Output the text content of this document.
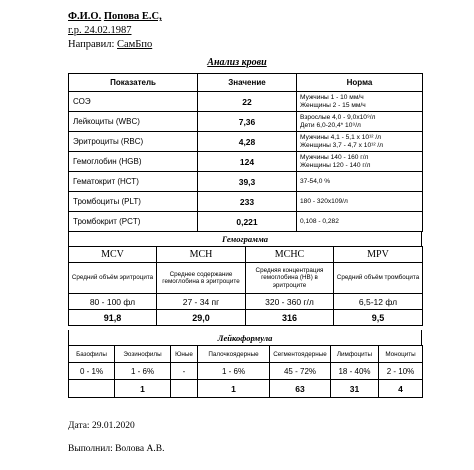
Ф.И.О. Попова Е.С,
г.р. 24.02.1987
Направил: СамБпо
Анализ крови
Показатель	Значение	Норма
СОЭ	22	Мужчины 1 - 10 мм/ч
Женщины 2 - 15 мм/ч

Лейкоциты (WBC)	7,36	Взрослые 4,0 - 9,0х10⁹/л
Дети 6,0-20,4* 10⁹/л

Эритроциты (RBC)	4,28	Мужчины 4,1 - 5,1 х 10¹² /л
Женщины 3,7 - 4,7 х 10¹² /л

Гемоглобин (HGB)	124	Мужчины 140 - 160 г/л
Женщины 120 - 140 г/л

Гематокрит (НСТ)	39,3	37-54,0 %
Тромбоциты (PLT)	233	180 - 320х109/л
Тромбокрит (PCT)	0,221	0,108 - 0,282
Гемограмма
MCV	MCH	MCHC	MPV
Средний объём эритроцита	Среднее содержание гемоглобина в эритроците	Средняя концентрация гемоглобина (НВ) в эритроците	Средний объём тромбоцита
80 - 100 фл	27 - 34 пг	320 - 360 г/л	6,5-12 фл
91,8	29,0	316	9,5
Лейкоформула
Базофилы	Эозинофилы	Юные	Палочкоядерные	Сегментоядерные	Лимфоциты	Моноциты
0 - 1%	1 - 6%	-	1 - 6%	45 - 72%	18 - 40%	2 - 10%
	1		1	63	31	4
Дата: 29.01.2020
Выполнил: Волова А.В.
